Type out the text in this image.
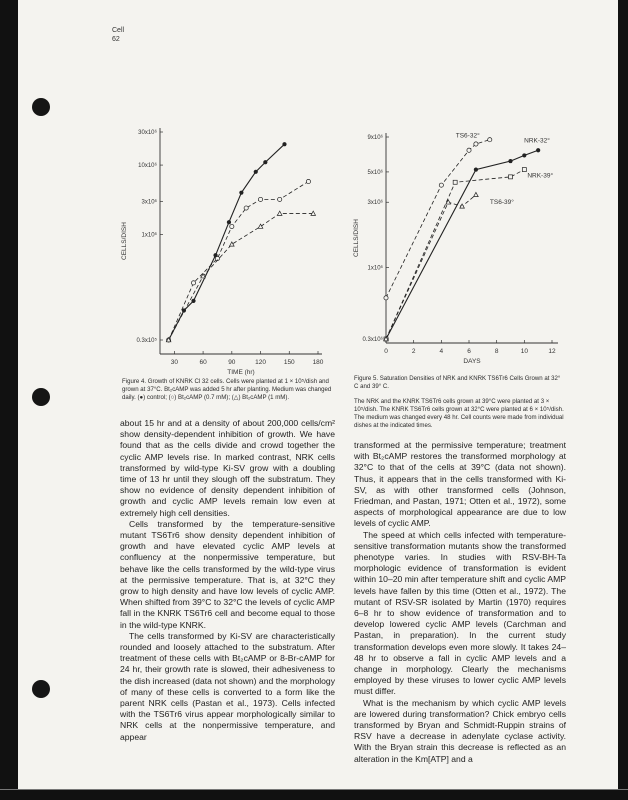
Cell
62
30	60	90	120	150	180
0.3x10⁵
1x10⁶
3x10⁶
10x10⁶
30x10⁶
TIME (hr)
CELLS/DISH
0	2	4	6	8	10	12
0.3x10⁶
1x10⁶
3x10⁶
5x10⁶
9x10⁶
DAYS
CELLS/DISH
TS6-32°
NRK-32°
NRK-39°
TS6-39°
Figure 4. Growth of KNRK Cl 32 cells. Cells were planted at 1 × 10⁵/dish and grown at 37°C. Bt₂cAMP was added 5 hr after planting. Medium was changed daily. (●) control; (○) Bt₂cAMP (0.7 mM); (△) Bt₂cAMP (1 mM).
Figure 5. Saturation Densities of NRK and KNRK TS6Tr6 Cells Grown at 32° C and 39° C.
The NRK and the KNRK TS6Tr6 cells grown at 39°C were planted at 3 × 10⁵/dish. The KNRK TS6Tr6 cells grown at 32°C were planted at 6 × 10⁵/dish. The medium was changed every 48 hr. Cell counts were made from individual dishes at the indicated times.

about 15 hr and at a density of about 200,000 cells/cm² show density-dependent inhibition of growth. We have found that as the cells divide and crowd together the cyclic AMP levels rise. In marked contrast, NRK cells transformed by wild-type Ki-SV grow with a doubling time of 13 hr until they slough off the substratum. They show no evidence of density dependent inhibition of growth and cyclic AMP levels remain low even at extremely high cell densities.

Cells transformed by the temperature-sensitive mutant TS6Tr6 show density dependent inhibition of growth and have elevated cyclic AMP levels at confluency at the nonpermissive temperature, but behave like the cells transformed by the wild-type virus at the permissive temperature. That is, at 32°C they grow to high density and have low levels of cyclic AMP. When shifted from 39°C to 32°C the levels of cyclic AMP fall in the KNRK TS6Tr6 cell and become equal to those in the wild-type KNRK.

The cells transformed by Ki-SV are characteristically rounded and loosely attached to the substratum. After treatment of these cells with Bt₂cAMP or 8-Br-cAMP for 24 hr, their growth rate is slowed, their adhesiveness to the dish increased (data not shown) and the morphology of many of these cells is converted to a form like the parent NRK cells (Pastan et al., 1973). Cells infected with the TS6Tr6 virus appear morphologically similar to NRK cells at the nonpermissive temperature, and appear

transformed at the permissive temperature; treatment with Bt₂cAMP restores the transformed morphology at 32°C to that of the cells at 39°C (data not shown). Thus, it appears that in the cells transformed with Ki-SV, as with other transformed cells (Johnson, Friedman, and Pastan, 1971; Otten et al., 1972), some aspects of morphological appearance are due to low levels of cyclic AMP.

The speed at which cells infected with temperature-sensitive transformation mutants show the transformed phenotype varies. In studies with RSV-BH-Ta morphologic evidence of transformation is evident within 10–20 min after temperature shift and cyclic AMP levels have fallen by this time (Otten et al., 1972). The mutant of RSV-SR isolated by Martin (1970) requires 6–8 hr to show evidence of transformation and to develop lowered cyclic AMP levels (Carchman and Pastan, in preparation). In the current study transformation develops even more slowly. It takes 24–48 hr to observe a fall in cyclic AMP levels and a change in morphology. Clearly the mechanisms employed by these viruses to lower cyclic AMP levels must differ.

What is the mechanism by which cyclic AMP levels are lowered during transformation? Chick embryo cells transformed by Bryan and Schmidt-Ruppin strains of RSV have a decrease in adenylate cyclase activity. With the Bryan strain this decrease is reflected as an alteration in the Km[ATP] and a
